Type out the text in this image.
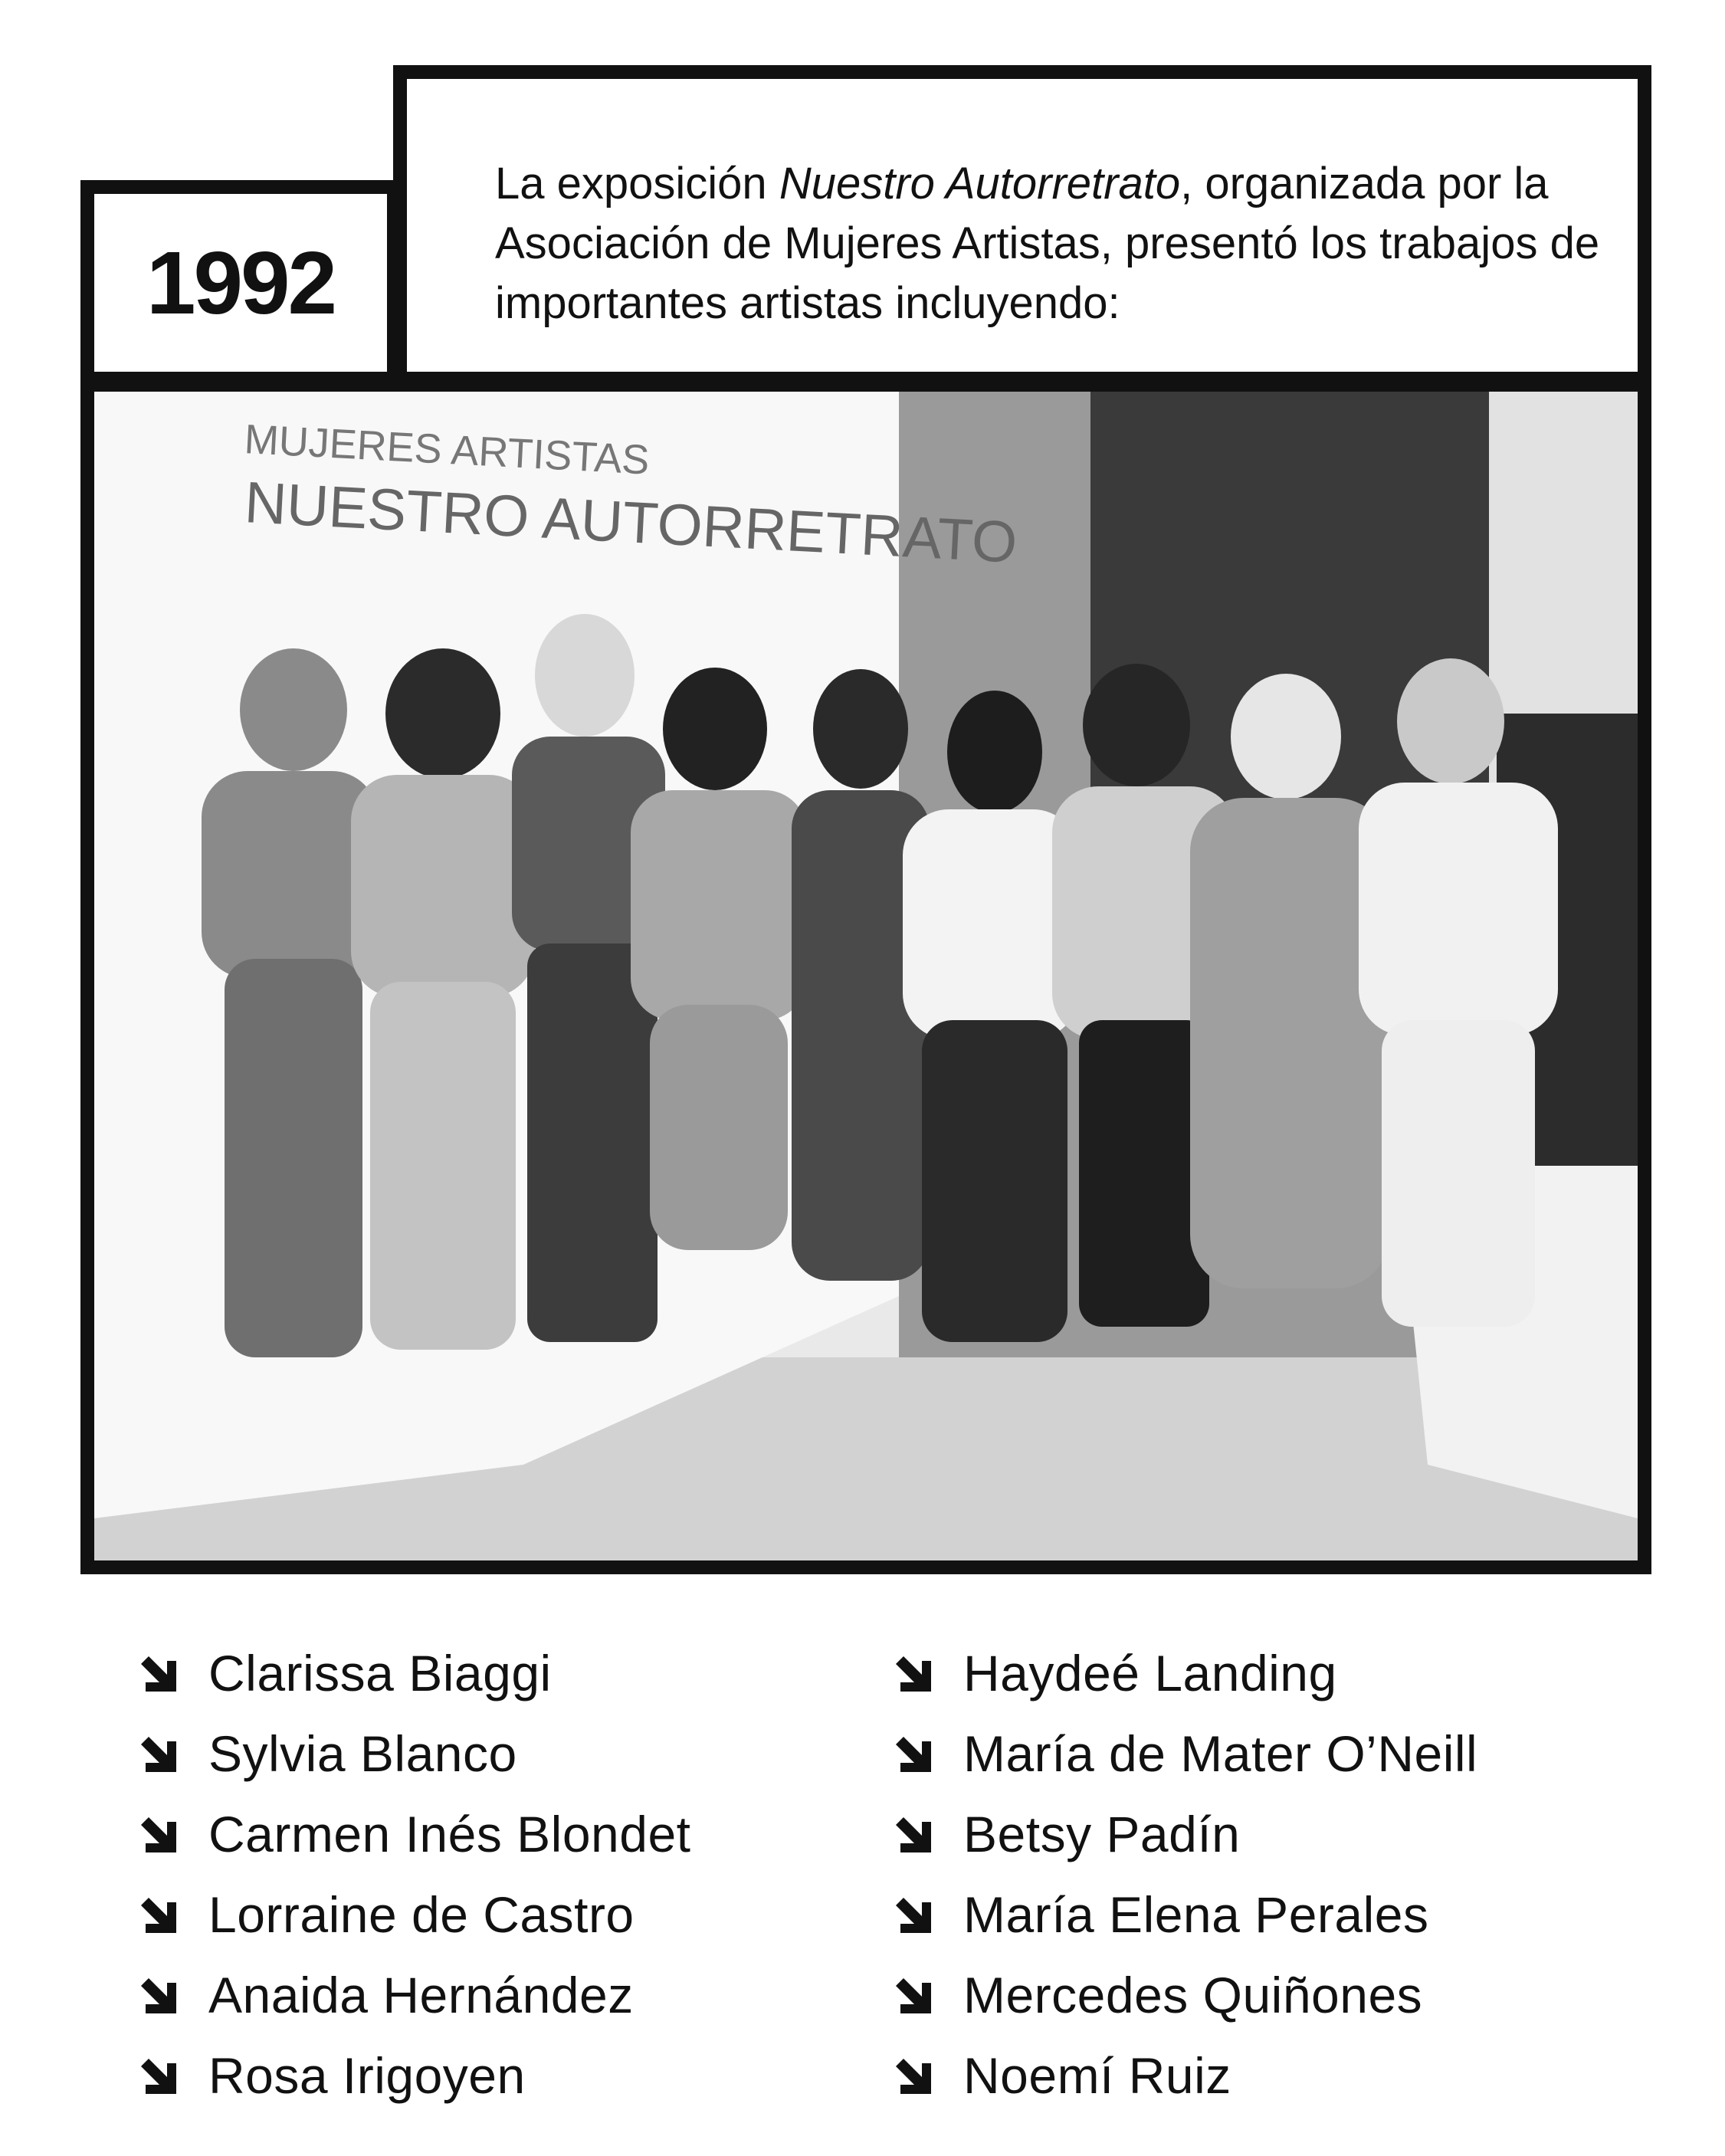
1992
La exposición Nuestro Autorretrato, organizada por la Asociación de Mujeres Artistas, presentó los trabajos de importantes artistas incluyendo:
MUJERES ARTISTAS
NUESTRO AUTORRETRATO
Clarissa Biaggi
Sylvia Blanco
Carmen Inés Blondet
Lorraine de Castro
Anaida Hernández
Rosa Irigoyen
Haydeé Landing
María de Mater O’Neill
Betsy Padín
María Elena Perales
Mercedes Quiñones
Noemí Ruiz
